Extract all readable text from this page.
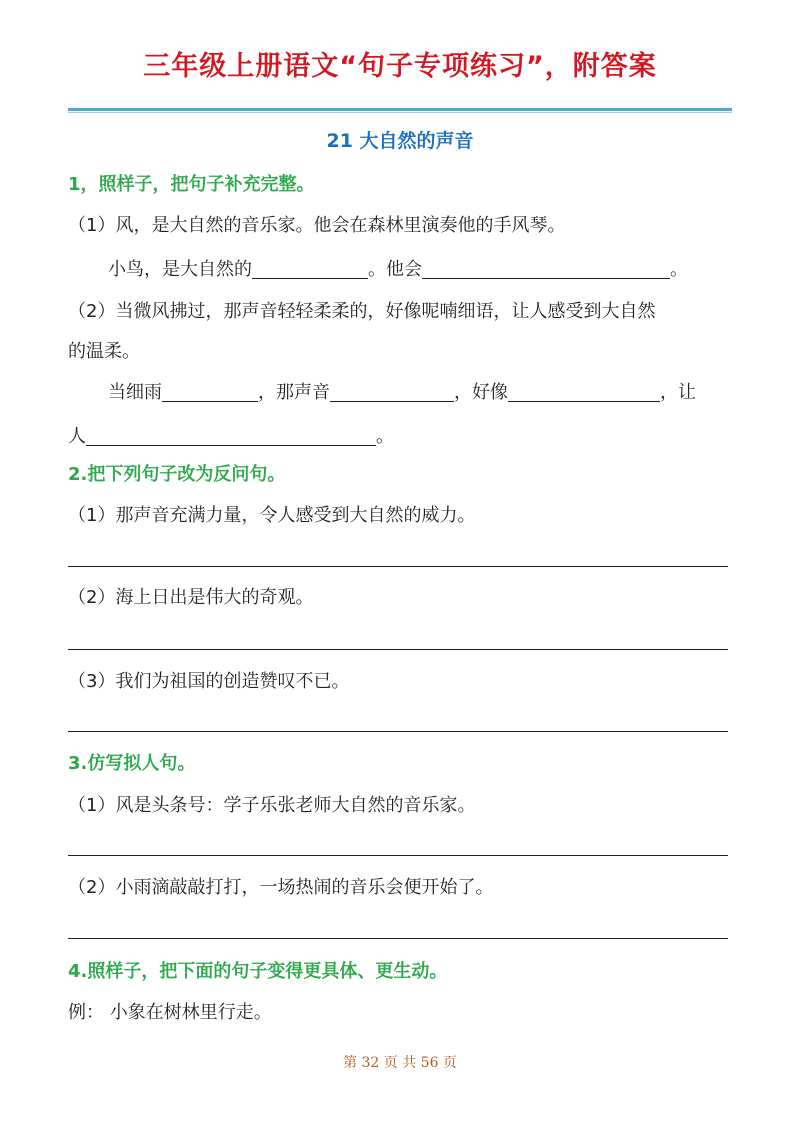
三年级上册语文“句子专项练习”，附答案
21 大自然的声音
1，照样子，把句子补充完整。
（1）风，是大自然的音乐家。他会在森林里演奏他的手风琴。
小鸟，是大自然的	。他会	。
（2）当微风拂过，那声音轻轻柔柔的，好像呢喃细语，让人感受到大自然
的温柔。
当细雨	，那声音	，好像	，让
人	。
2.把下列句子改为反问句。
（1）那声音充满力量，令人感受到大自然的威力。
（2）海上日出是伟大的奇观。
（3）我们为祖国的创造赞叹不已。
3.仿写拟人句。
（1）风是头条号：学子乐张老师大自然的音乐家。
（2）小雨滴敲敲打打，一场热闹的音乐会便开始了。
4.照样子，把下面的句子变得更具体、更生动。
例： 小象在树林里行走。
第 32 页 共 56 页
